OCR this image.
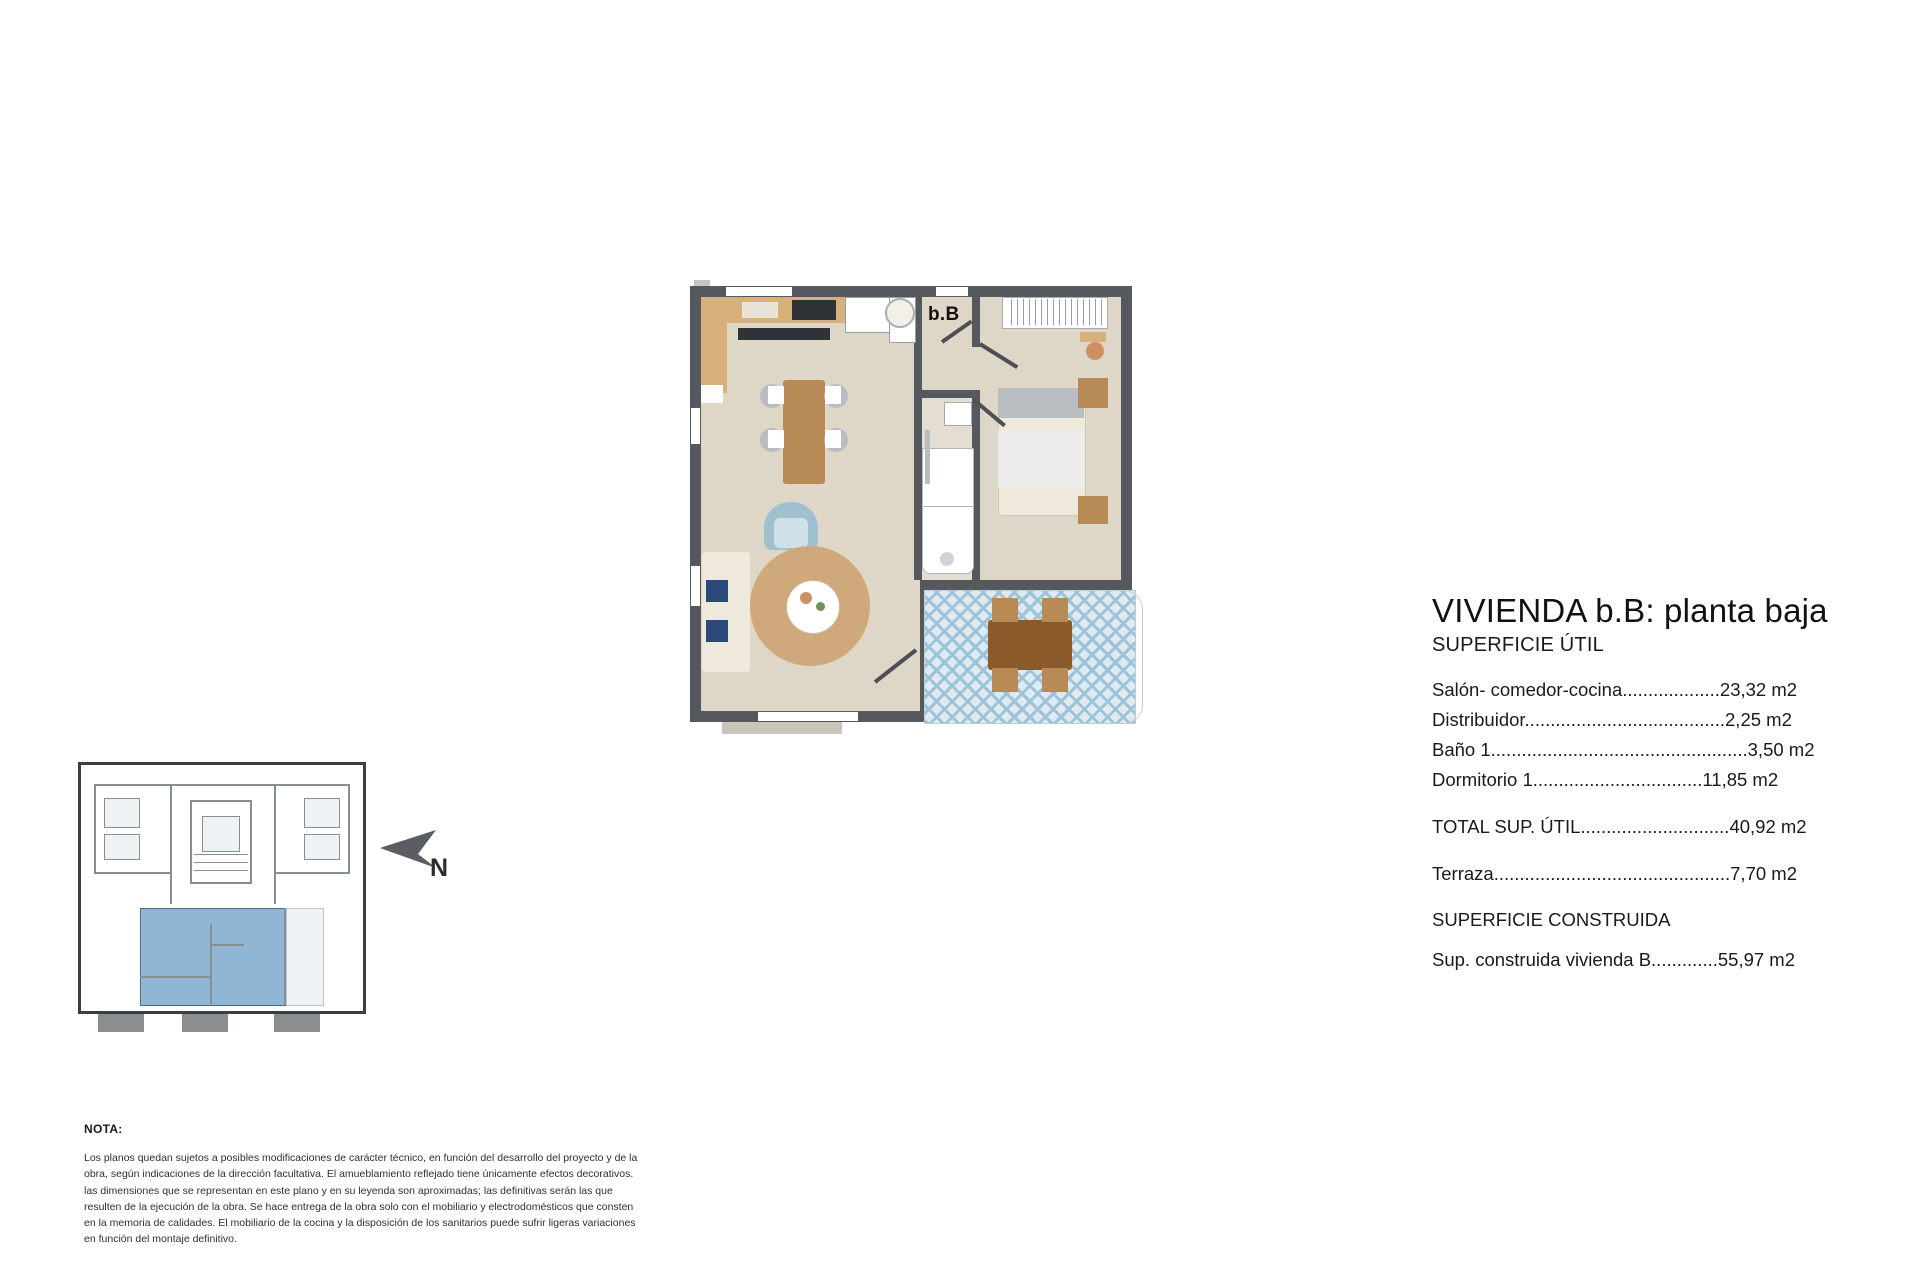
b.B
N
VIVIENDA b.B: planta baja
SUPERFICIE ÚTIL
Salón- comedor-cocina...................23,32 m2
Distribuidor.......................................2,25 m2
Baño 1..................................................3,50 m2
Dormitorio 1.................................11,85 m2
TOTAL SUP. ÚTIL.............................40,92 m2
Terraza..............................................7,70 m2
SUPERFICIE CONSTRUIDA
Sup. construida vivienda B.............55,97 m2
NOTA:
Los planos quedan sujetos a posibles modificaciones de carácter técnico, en función del desarrollo del proyecto y de la obra, según indicaciones de la dirección facultativa. El amueblamiento reflejado tiene únicamente efectos decorativos. las dimensiones que se representan en este plano y en su leyenda son aproximadas; las definitivas serán las que resulten de la ejecución de la obra. Se hace entrega de la obra solo con el mobiliario y electrodomésticos que consten en la memoria de calidades. El mobiliario de la cocina y la disposición de los sanitarios puede sufrir ligeras variaciones en función del montaje definitivo.
